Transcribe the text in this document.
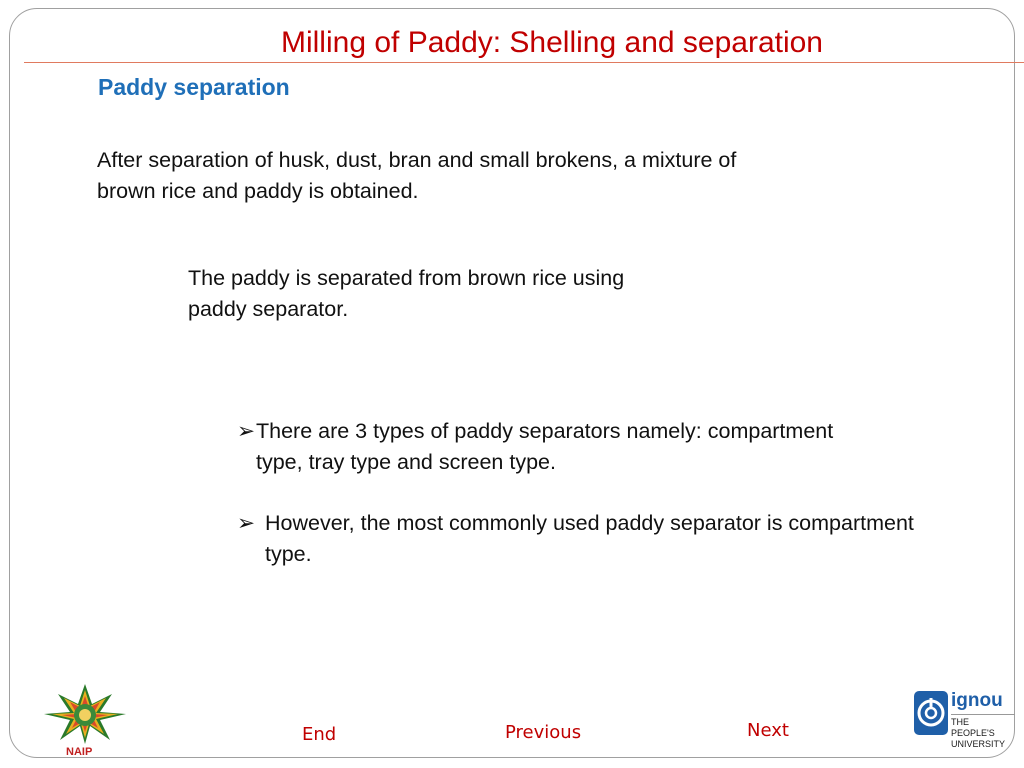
Milling of Paddy: Shelling and separation
Paddy separation

After separation of husk, dust, bran and small brokens, a mixture of brown rice and paddy is obtained.

The paddy is separated from brown rice using paddy separator.

➢ There are 3 types of paddy separators namely: compartment type, tray type and screen type.
➢ However, the most commonly used paddy separator is compartment type.
NAIP
End	Previous	Next
ignou
THE PEOPLE'S
UNIVERSITY
